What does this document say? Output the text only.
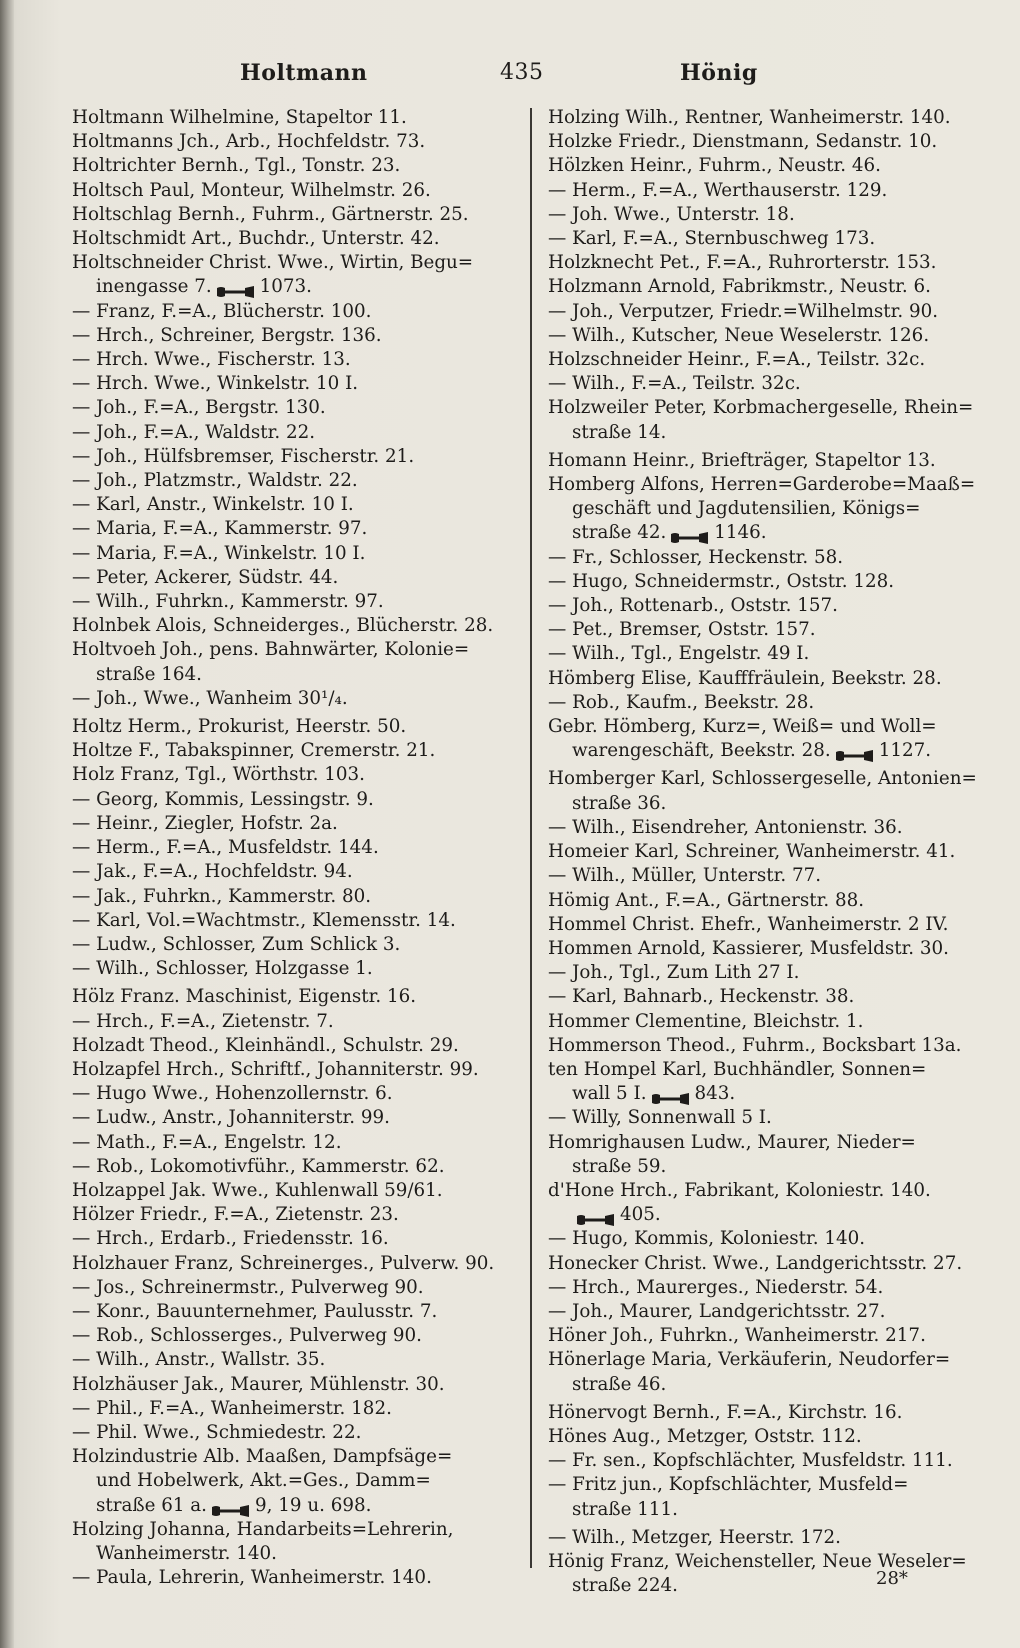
Holtmann	435	Hönig
Holtmann Wilhelmine, Stapeltor 11.
Holtmanns Jch., Arb., Hochfeldstr. 73.
Holtrichter Bernh., Tgl., Tonstr. 23.
Holtsch Paul, Monteur, Wilhelmstr. 26.
Holtschlag Bernh., Fuhrm., Gärtnerstr. 25.
Holtschmidt Art., Buchdr., Unterstr. 42.
Holtschneider Christ. Wwe., Wirtin, Begu=
inengasse 7.	1073.
— Franz, F.=A., Blücherstr. 100.
— Hrch., Schreiner, Bergstr. 136.
— Hrch. Wwe., Fischerstr. 13.
— Hrch. Wwe., Winkelstr. 10 I.
— Joh., F.=A., Bergstr. 130.
— Joh., F.=A., Waldstr. 22.
— Joh., Hülfsbremser, Fischerstr. 21.
— Joh., Platzmstr., Waldstr. 22.
— Karl, Anstr., Winkelstr. 10 I.
— Maria, F.=A., Kammerstr. 97.
— Maria, F.=A., Winkelstr. 10 I.
— Peter, Ackerer, Südstr. 44.
— Wilh., Fuhrkn., Kammerstr. 97.
Holnbek Alois, Schneiderges., Blücherstr. 28.
Holtvoeh Joh., pens. Bahnwärter, Kolonie=
straße 164.
— Joh., Wwe., Wanheim 30¹/₄.
Holtz Herm., Prokurist, Heerstr. 50.
Holtze F., Tabakspinner, Cremerstr. 21.
Holz Franz, Tgl., Wörthstr. 103.
— Georg, Kommis, Lessingstr. 9.
— Heinr., Ziegler, Hofstr. 2a.
— Herm., F.=A., Musfeldstr. 144.
— Jak., F.=A., Hochfeldstr. 94.
— Jak., Fuhrkn., Kammerstr. 80.
— Karl, Vol.=Wachtmstr., Klemensstr. 14.
— Ludw., Schlosser, Zum Schlick 3.
— Wilh., Schlosser, Holzgasse 1.
Hölz Franz. Maschinist, Eigenstr. 16.
— Hrch., F.=A., Zietenstr. 7.
Holzadt Theod., Kleinhändl., Schulstr. 29.
Holzapfel Hrch., Schriftf., Johanniterstr. 99.
— Hugo Wwe., Hohenzollernstr. 6.
— Ludw., Anstr., Johanniterstr. 99.
— Math., F.=A., Engelstr. 12.
— Rob., Lokomotivführ., Kammerstr. 62.
Holzappel Jak. Wwe., Kuhlenwall 59/61.
Hölzer Friedr., F.=A., Zietenstr. 23.
— Hrch., Erdarb., Friedensstr. 16.
Holzhauer Franz, Schreinerges., Pulverw. 90.
— Jos., Schreinermstr., Pulverweg 90.
— Konr., Bauunternehmer, Paulusstr. 7.
— Rob., Schlosserges., Pulverweg 90.
— Wilh., Anstr., Wallstr. 35.
Holzhäuser Jak., Maurer, Mühlenstr. 30.
— Phil., F.=A., Wanheimerstr. 182.
— Phil. Wwe., Schmiedestr. 22.
Holzindustrie Alb. Maaßen, Dampfsäge=
und Hobelwerk, Akt.=Ges., Damm=
straße 61 a.	9, 19 u. 698.
Holzing Johanna, Handarbeits=Lehrerin,
Wanheimerstr. 140.
— Paula, Lehrerin, Wanheimerstr. 140.
Holzing Wilh., Rentner, Wanheimerstr. 140.
Holzke Friedr., Dienstmann, Sedanstr. 10.
Hölzken Heinr., Fuhrm., Neustr. 46.
— Herm., F.=A., Werthauserstr. 129.
— Joh. Wwe., Unterstr. 18.
— Karl, F.=A., Sternbuschweg 173.
Holzknecht Pet., F.=A., Ruhrorterstr. 153.
Holzmann Arnold, Fabrikmstr., Neustr. 6.
— Joh., Verputzer, Friedr.=Wilhelmstr. 90.
— Wilh., Kutscher, Neue Weselerstr. 126.
Holzschneider Heinr., F.=A., Teilstr. 32c.
— Wilh., F.=A., Teilstr. 32c.
Holzweiler Peter, Korbmachergeselle, Rhein=
straße 14.
Homann Heinr., Briefträger, Stapeltor 13.
Homberg Alfons, Herren=Garderobe=Maaß=
geschäft und Jagdutensilien, Königs=
straße 42.	1146.
— Fr., Schlosser, Heckenstr. 58.
— Hugo, Schneidermstr., Oststr. 128.
— Joh., Rottenarb., Oststr. 157.
— Pet., Bremser, Oststr. 157.
— Wilh., Tgl., Engelstr. 49 I.
Hömberg Elise, Kaufffräulein, Beekstr. 28.
— Rob., Kaufm., Beekstr. 28.
Gebr. Hömberg, Kurz=, Weiß= und Woll=
warengeschäft, Beekstr. 28.	1127.
Homberger Karl, Schlossergeselle, Antonien=
straße 36.
— Wilh., Eisendreher, Antonienstr. 36.
Homeier Karl, Schreiner, Wanheimerstr. 41.
— Wilh., Müller, Unterstr. 77.
Hömig Ant., F.=A., Gärtnerstr. 88.
Hommel Christ. Ehefr., Wanheimerstr. 2 IV.
Hommen Arnold, Kassierer, Musfeldstr. 30.
— Joh., Tgl., Zum Lith 27 I.
— Karl, Bahnarb., Heckenstr. 38.
Hommer Clementine, Bleichstr. 1.
Hommerson Theod., Fuhrm., Bocksbart 13a.
ten Hompel Karl, Buchhändler, Sonnen=
wall 5 I.	843.
— Willy, Sonnenwall 5 I.
Homrighausen Ludw., Maurer, Nieder=
straße 59.
d'Hone Hrch., Fabrikant, Koloniestr. 140.
405.
— Hugo, Kommis, Koloniestr. 140.
Honecker Christ. Wwe., Landgerichtsstr. 27.
— Hrch., Maurerges., Niederstr. 54.
— Joh., Maurer, Landgerichtsstr. 27.
Höner Joh., Fuhrkn., Wanheimerstr. 217.
Hönerlage Maria, Verkäuferin, Neudorfer=
straße 46.
Hönervogt Bernh., F.=A., Kirchstr. 16.
Hönes Aug., Metzger, Oststr. 112.
— Fr. sen., Kopfschlächter, Musfeldstr. 111.
— Fritz jun., Kopfschlächter, Musfeld=
straße 111.
— Wilh., Metzger, Heerstr. 172.
Hönig Franz, Weichensteller, Neue Weseler=
straße 224.	28*
